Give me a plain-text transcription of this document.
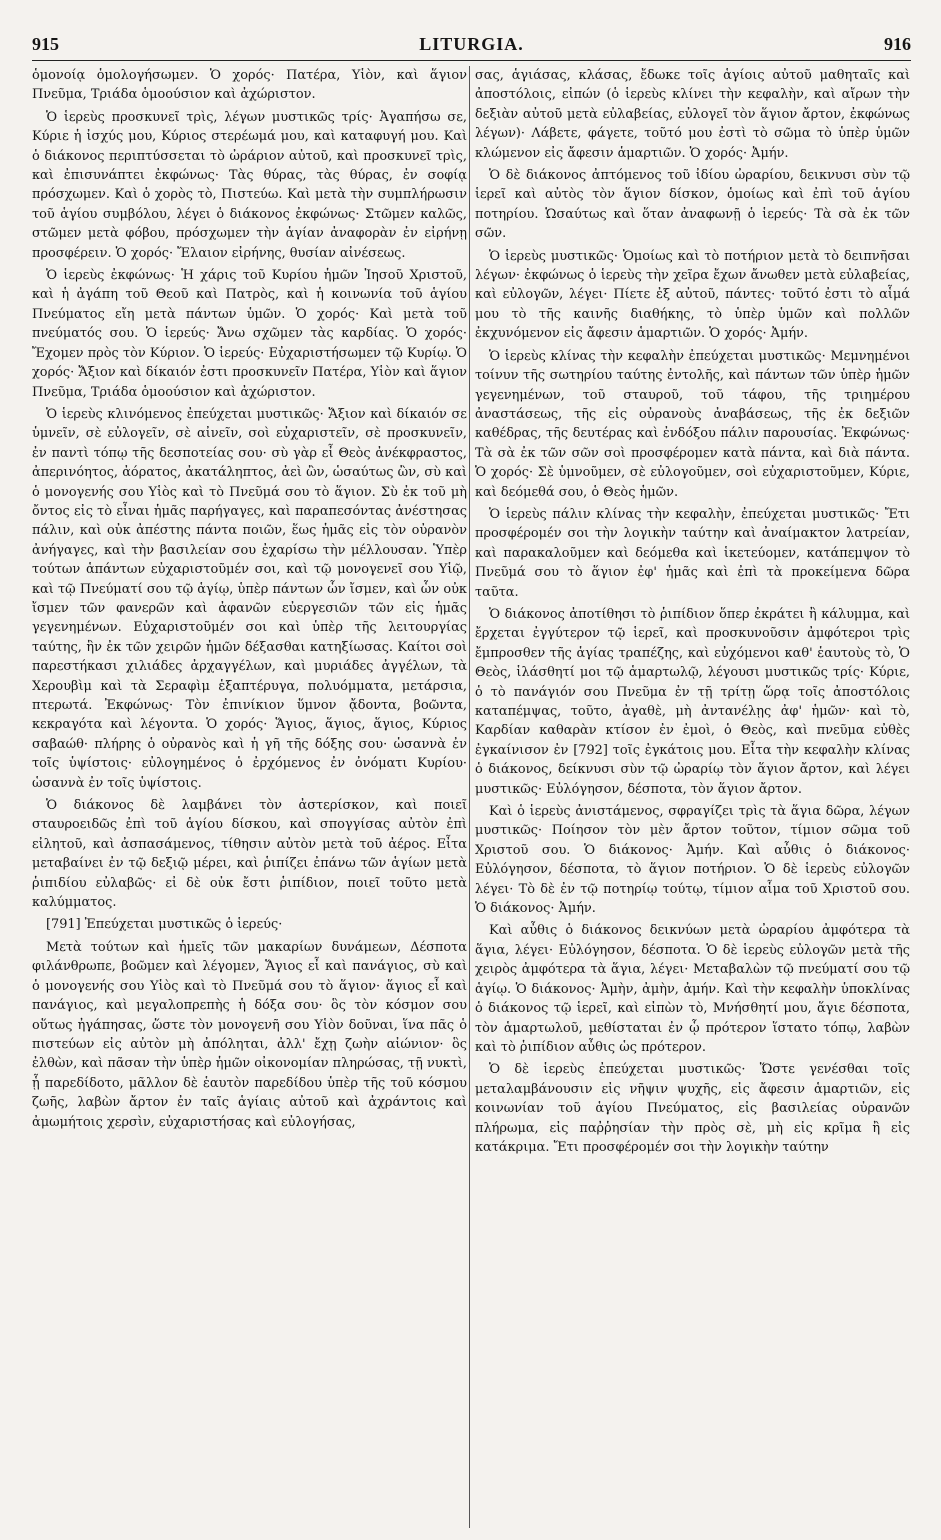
915	LITURGIA.	916

ὁμονοίᾳ ὁμολογήσωμεν. Ὁ χορός· Πατέρα, Υἱὸν, καὶ ἅγιον Πνεῦμα, Τριάδα ὁμοούσιον καὶ ἀχώριστον.

Ὁ ἱερεὺς προσκυνεῖ τρὶς, λέγων μυστικῶς τρίς· Ἀγαπήσω σε, Κύριε ἡ ἰσχύς μου, Κύριος στερέωμά μου, καὶ καταφυγή μου. Καὶ ὁ διάκονος περιπτύσσεται τὸ ὠράριον αὐτοῦ, καὶ προσκυνεῖ τρὶς, καὶ ἐπισυνάπτει ἐκφώνως· Τὰς θύρας, τὰς θύρας, ἐν σοφίᾳ πρόσχωμεν. Καὶ ὁ χορὸς τὸ, Πιστεύω. Καὶ μετὰ τὴν συμπλήρωσιν τοῦ ἁγίου συμβόλου, λέγει ὁ διάκονος ἐκφώνως· Στῶμεν καλῶς, στῶμεν μετὰ φόβου, πρόσχωμεν τὴν ἁγίαν ἀναφορὰν ἐν εἰρήνῃ προσφέρειν. Ὁ χορός· Ἔλαιον εἰρήνης, θυσίαν αἰνέσεως.

Ὁ ἱερεὺς ἐκφώνως· Ἡ χάρις τοῦ Κυρίου ἡμῶν Ἰησοῦ Χριστοῦ, καὶ ἡ ἀγάπη τοῦ Θεοῦ καὶ Πατρὸς, καὶ ἡ κοινωνία τοῦ ἁγίου Πνεύματος εἴη μετὰ πάντων ὑμῶν. Ὁ χορός· Καὶ μετὰ τοῦ πνεύματός σου. Ὁ ἱερεύς· Ἄνω σχῶμεν τὰς καρδίας. Ὁ χορός· Ἔχομεν πρὸς τὸν Κύριον. Ὁ ἱερεύς· Εὐχαριστήσωμεν τῷ Κυρίῳ. Ὁ χορός· Ἄξιον καὶ δίκαιόν ἐστι προσκυνεῖν Πατέρα, Υἱὸν καὶ ἅγιον Πνεῦμα, Τριάδα ὁμοούσιον καὶ ἀχώριστον.

Ὁ ἱερεὺς κλινόμενος ἐπεύχεται μυστικῶς· Ἄξιον καὶ δίκαιόν σε ὑμνεῖν, σὲ εὐλογεῖν, σὲ αἰνεῖν, σοὶ εὐχαριστεῖν, σὲ προσκυνεῖν, ἐν παντὶ τόπῳ τῆς δεσποτείας σου· σὺ γὰρ εἶ Θεὸς ἀνέκφραστος, ἀπερινόητος, ἀόρατος, ἀκατάληπτος, ἀεὶ ὢν, ὡσαύτως ὢν, σὺ καὶ ὁ μονογενής σου Υἱὸς καὶ τὸ Πνεῦμά σου τὸ ἅγιον. Σὺ ἐκ τοῦ μὴ ὄντος εἰς τὸ εἶναι ἡμᾶς παρήγαγες, καὶ παραπεσόντας ἀνέστησας πάλιν, καὶ οὐκ ἀπέστης πάντα ποιῶν, ἕως ἡμᾶς εἰς τὸν οὐρανὸν ἀνήγαγες, καὶ τὴν βασιλείαν σου ἐχαρίσω τὴν μέλλουσαν. Ὑπὲρ τούτων ἁπάντων εὐχαριστοῦμέν σοι, καὶ τῷ μονογενεῖ σου Υἱῷ, καὶ τῷ Πνεύματί σου τῷ ἁγίῳ, ὑπὲρ πάντων ὧν ἴσμεν, καὶ ὧν οὐκ ἴσμεν τῶν φανερῶν καὶ ἀφανῶν εὐεργεσιῶν τῶν εἰς ἡμᾶς γεγενημένων. Εὐχαριστοῦμέν σοι καὶ ὑπὲρ τῆς λειτουργίας ταύτης, ἣν ἐκ τῶν χειρῶν ἡμῶν δέξασθαι κατηξίωσας. Καίτοι σοὶ παρεστήκασι χιλιάδες ἀρχαγγέλων, καὶ μυριάδες ἀγγέλων, τὰ Χερουβὶμ καὶ τὰ Σεραφὶμ ἑξαπτέρυγα, πολυόμματα, μετάρσια, πτερωτά. Ἐκφώνως· Τὸν ἐπινίκιον ὕμνον ᾄδοντα, βοῶντα, κεκραγότα καὶ λέγοντα. Ὁ χορός· Ἅγιος, ἅγιος, ἅγιος, Κύριος σαβαώθ· πλήρης ὁ οὐρανὸς καὶ ἡ γῆ τῆς δόξης σου· ὡσαννὰ ἐν τοῖς ὑψίστοις· εὐλογημένος ὁ ἐρχόμενος ἐν ὀνόματι Κυρίου· ὡσαννὰ ἐν τοῖς ὑψίστοις.

Ὁ διάκονος δὲ λαμβάνει τὸν ἀστερίσκον, καὶ ποιεῖ σταυροειδῶς ἐπὶ τοῦ ἁγίου δίσκου, καὶ σπογγίσας αὐτὸν ἐπὶ εἰλητοῦ, καὶ ἀσπασάμενος, τίθησιν αὐτὸν μετὰ τοῦ ἀέρος. Εἶτα μεταβαίνει ἐν τῷ δεξιῷ μέρει, καὶ ῥιπίζει ἐπάνω τῶν ἁγίων μετὰ ῥιπιδίου εὐλαβῶς· εἰ δὲ οὐκ ἔστι ῥιπίδιον, ποιεῖ τοῦτο μετὰ καλύμματος.

[791] Ἐπεύχεται μυστικῶς ὁ ἱερεύς·

Μετὰ τούτων καὶ ἡμεῖς τῶν μακαρίων δυνάμεων, Δέσποτα φιλάνθρωπε, βοῶμεν καὶ λέγομεν, Ἅγιος εἶ καὶ πανάγιος, σὺ καὶ ὁ μονογενής σου Υἱὸς καὶ τὸ Πνεῦμά σου τὸ ἅγιον· ἅγιος εἶ καὶ πανάγιος, καὶ μεγαλοπρεπὴς ἡ δόξα σου· ὃς τὸν κόσμον σου οὕτως ἠγάπησας, ὥστε τὸν μονογενῆ σου Υἱὸν δοῦναι, ἵνα πᾶς ὁ πιστεύων εἰς αὐτὸν μὴ ἀπόληται, ἀλλ' ἔχῃ ζωὴν αἰώνιον· ὃς ἐλθὼν, καὶ πᾶσαν τὴν ὑπὲρ ἡμῶν οἰκονομίαν πληρώσας, τῇ νυκτὶ, ᾗ παρεδίδοτο, μᾶλλον δὲ ἑαυτὸν παρεδίδου ὑπὲρ τῆς τοῦ κόσμου ζωῆς, λαβὼν ἄρτον ἐν ταῖς ἁγίαις αὐτοῦ καὶ ἀχράντοις καὶ ἀμωμήτοις χερσὶν, εὐχαριστήσας καὶ εὐλογήσας,

σας, ἁγιάσας, κλάσας, ἔδωκε τοῖς ἁγίοις αὐτοῦ μαθηταῖς καὶ ἀποστόλοις, εἰπών (ὁ ἱερεὺς κλίνει τὴν κεφαλὴν, καὶ αἴρων τὴν δεξιὰν αὐτοῦ μετὰ εὐλαβείας, εὐλογεῖ τὸν ἅγιον ἄρτον, ἐκφώνως λέγων)· Λάβετε, φάγετε, τοῦτό μου ἐστὶ τὸ σῶμα τὸ ὑπὲρ ὑμῶν κλώμενον εἰς ἄφεσιν ἁμαρτιῶν. Ὁ χορός· Ἀμήν.

Ὁ δὲ διάκονος ἀπτόμενος τοῦ ἰδίου ὠραρίου, δεικνυσι σὺν τῷ ἱερεῖ καὶ αὐτὸς τὸν ἅγιον δίσκον, ὁμοίως καὶ ἐπὶ τοῦ ἁγίου ποτηρίου. Ὡσαύτως καὶ ὅταν ἀναφωνῇ ὁ ἱερεύς· Τὰ σὰ ἐκ τῶν σῶν.

Ὁ ἱερεὺς μυστικῶς· Ὁμοίως καὶ τὸ ποτήριον μετὰ τὸ δειπνῆσαι λέγων· ἐκφώνως ὁ ἱερεὺς τὴν χεῖρα ἔχων ἄνωθεν μετὰ εὐλαβείας, καὶ εὐλογῶν, λέγει· Πίετε ἐξ αὐτοῦ, πάντες· τοῦτό ἐστι τὸ αἷμά μου τὸ τῆς καινῆς διαθήκης, τὸ ὑπὲρ ὑμῶν καὶ πολλῶν ἐκχυνόμενον εἰς ἄφεσιν ἁμαρτιῶν. Ὁ χορός· Ἀμήν.

Ὁ ἱερεὺς κλίνας τὴν κεφαλὴν ἐπεύχεται μυστικῶς· Μεμνημένοι τοίνυν τῆς σωτηρίου ταύτης ἐντολῆς, καὶ πάντων τῶν ὑπὲρ ἡμῶν γεγενημένων, τοῦ σταυροῦ, τοῦ τάφου, τῆς τριημέρου ἀναστάσεως, τῆς εἰς οὐρανοὺς ἀναβάσεως, τῆς ἐκ δεξιῶν καθέδρας, τῆς δευτέρας καὶ ἐνδόξου πάλιν παρουσίας. Ἐκφώνως· Τὰ σὰ ἐκ τῶν σῶν σοὶ προσφέρομεν κατὰ πάντα, καὶ διὰ πάντα. Ὁ χορός· Σὲ ὑμνοῦμεν, σὲ εὐλογοῦμεν, σοὶ εὐχαριστοῦμεν, Κύριε, καὶ δεόμεθά σου, ὁ Θεὸς ἡμῶν.

Ὁ ἱερεὺς πάλιν κλίνας τὴν κεφαλὴν, ἐπεύχεται μυστικῶς· Ἔτι προσφέρομέν σοι τὴν λογικὴν ταύτην καὶ ἀναίμακτον λατρείαν, καὶ παρακαλοῦμεν καὶ δεόμεθα καὶ ἱκετεύομεν, κατάπεμψον τὸ Πνεῦμά σου τὸ ἅγιον ἐφ' ἡμᾶς καὶ ἐπὶ τὰ προκείμενα δῶρα ταῦτα.

Ὁ διάκονος ἀποτίθησι τὸ ῥιπίδιον ὅπερ ἐκράτει ἢ κάλυμμα, καὶ ἔρχεται ἐγγύτερον τῷ ἱερεῖ, καὶ προσκυνοῦσιν ἀμφότεροι τρὶς ἔμπροσθεν τῆς ἁγίας τραπέζης, καὶ εὐχόμενοι καθ' ἑαυτοὺς τὸ, Ὁ Θεὸς, ἱλάσθητί μοι τῷ ἁμαρτωλῷ, λέγουσι μυστικῶς τρίς· Κύριε, ὁ τὸ πανάγιόν σου Πνεῦμα ἐν τῇ τρίτῃ ὥρᾳ τοῖς ἀποστόλοις καταπέμψας, τοῦτο, ἀγαθὲ, μὴ ἀντανέλῃς ἀφ' ἡμῶν· καὶ τὸ, Καρδίαν καθαρὰν κτίσον ἐν ἐμοὶ, ὁ Θεὸς, καὶ πνεῦμα εὐθὲς ἐγκαίνισον ἐν [792] τοῖς ἐγκάτοις μου. Εἶτα τὴν κεφαλὴν κλίνας ὁ διάκονος, δείκνυσι σὺν τῷ ὠραρίῳ τὸν ἅγιον ἄρτον, καὶ λέγει μυστικῶς· Εὐλόγησον, δέσποτα, τὸν ἅγιον ἄρτον.

Καὶ ὁ ἱερεὺς ἀνιστάμενος, σφραγίζει τρὶς τὰ ἅγια δῶρα, λέγων μυστικῶς· Ποίησον τὸν μὲν ἄρτον τοῦτον, τίμιον σῶμα τοῦ Χριστοῦ σου. Ὁ διάκονος· Ἀμήν. Καὶ αὖθις ὁ διάκονος· Εὐλόγησον, δέσποτα, τὸ ἅγιον ποτήριον. Ὁ δὲ ἱερεὺς εὐλογῶν λέγει· Τὸ δὲ ἐν τῷ ποτηρίῳ τούτῳ, τίμιον αἷμα τοῦ Χριστοῦ σου. Ὁ διάκονος· Ἀμήν.

Καὶ αὖθις ὁ διάκονος δεικνύων μετὰ ὠραρίου ἀμφότερα τὰ ἅγια, λέγει· Εὐλόγησον, δέσποτα. Ὁ δὲ ἱερεὺς εὐλογῶν μετὰ τῆς χειρὸς ἀμφότερα τὰ ἅγια, λέγει· Μεταβαλὼν τῷ πνεύματί σου τῷ ἁγίῳ. Ὁ διάκονος· Ἀμὴν, ἀμὴν, ἀμήν. Καὶ τὴν κεφαλὴν ὑποκλίνας ὁ διάκονος τῷ ἱερεῖ, καὶ εἰπὼν τὸ, Μνήσθητί μου, ἅγιε δέσποτα, τὸν ἁμαρτωλοῦ, μεθίσταται ἐν ᾧ πρότερον ἵστατο τόπῳ, λαβὼν καὶ τὸ ῥιπίδιον αὖθις ὡς πρότερον.

Ὁ δὲ ἱερεὺς ἐπεύχεται μυστικῶς· Ὥστε γενέσθαι τοῖς μεταλαμβάνουσιν εἰς νῆψιν ψυχῆς, εἰς ἄφεσιν ἁμαρτιῶν, εἰς κοινωνίαν τοῦ ἁγίου Πνεύματος, εἰς βασιλείας οὐρανῶν πλήρωμα, εἰς παῤῥησίαν τὴν πρὸς σὲ, μὴ εἰς κρῖμα ἢ εἰς κατάκριμα. Ἔτι προσφέρομέν σοι τὴν λογικὴν ταύτην
